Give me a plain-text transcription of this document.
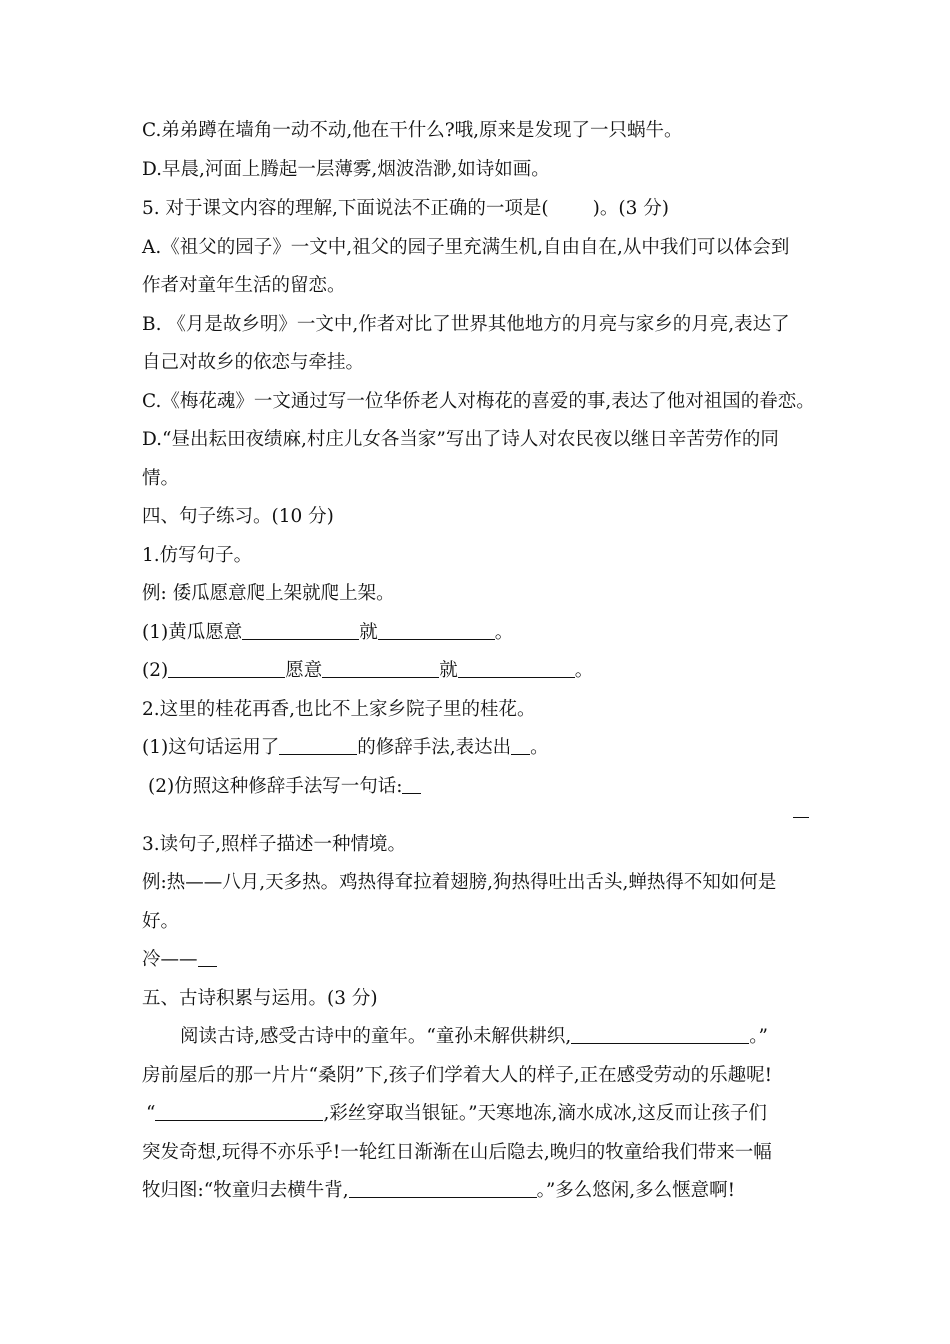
C.弟弟蹲在墙角一动不动,他在干什么?哦,原来是发现了一只蜗牛。
D.早晨,河面上腾起一层薄雾,烟波浩渺,如诗如画。
5. 对于课文内容的理解,下面说法不正确的一项是( )。(3 分)
A.《祖父的园子》一文中,祖父的园子里充满生机,自由自在,从中我们可以体会到
作者对童年生活的留恋。
B. 《月是故乡明》一文中,作者对比了世界其他地方的月亮与家乡的月亮,表达了
自己对故乡的依恋与牵挂。
C.《梅花魂》一文通过写一位华侨老人对梅花的喜爱的事,表达了他对祖国的眷恋。
D.“昼出耘田夜绩麻,村庄儿女各当家”写出了诗人对农民夜以继日辛苦劳作的同
情。
四、句子练习。(10 分)
1.仿写句子。
例: 倭瓜愿意爬上架就爬上架。
(1)黄瓜愿意	就	。
(2)	愿意	就	。
2.这里的桂花再香,也比不上家乡院子里的桂花。
(1)这句话运用了	的修辞手法,表达出 。
(2)仿照这种修辞手法写一句话:
3.读句子,照样子描述一种情境。
例:热——八月,天多热。鸡热得耷拉着翅膀,狗热得吐出舌头,蝉热得不知如何是
好。
冷——
五、古诗积累与运用。(3 分)
阅读古诗,感受古诗中的童年。“童孙未解供耕织,	。”
房前屋后的那一片片“桑阴”下,孩子们学着大人的样子,正在感受劳动的乐趣呢!
“	,彩丝穿取当银钲。”天寒地冻,滴水成冰,这反而让孩子们
突发奇想,玩得不亦乐乎!一轮红日渐渐在山后隐去,晚归的牧童给我们带来一幅
牧归图:“牧童归去横牛背,	。”多么悠闲,多么惬意啊!
